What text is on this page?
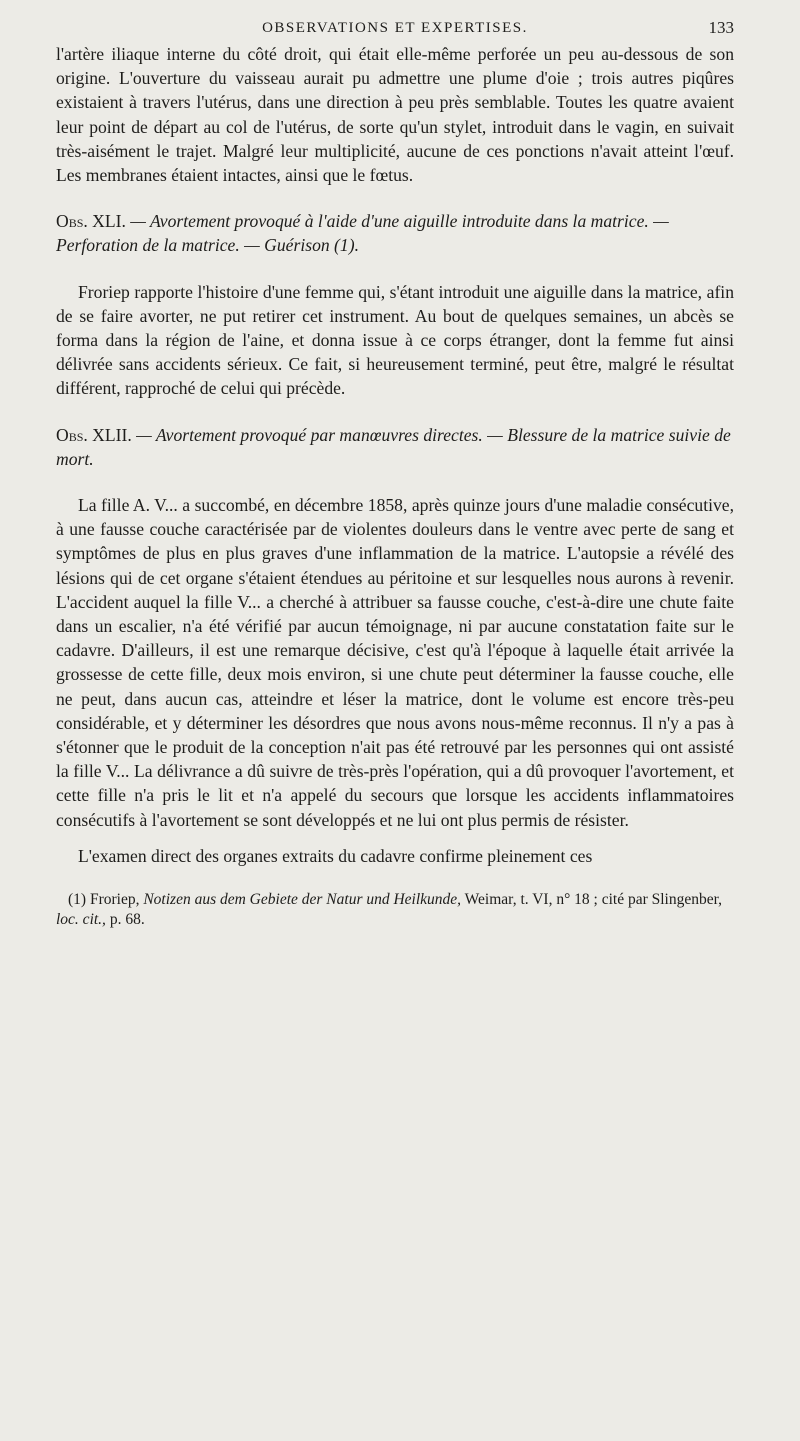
OBSERVATIONS ET EXPERTISES.	133

l'artère iliaque interne du côté droit, qui était elle-même perforée un peu au-dessous de son origine. L'ouverture du vaisseau aurait pu admettre une plume d'oie ; trois autres piqûres existaient à travers l'utérus, dans une direction à peu près semblable. Toutes les quatre avaient leur point de départ au col de l'utérus, de sorte qu'un stylet, introduit dans le vagin, en suivait très-aisément le trajet. Malgré leur multiplicité, aucune de ces ponctions n'avait atteint l'œuf. Les membranes étaient intactes, ainsi que le fœtus.

Obs. XLI. — Avortement provoqué à l'aide d'une aiguille introduite dans la matrice. — Perforation de la matrice. — Guérison (1).

Froriep rapporte l'histoire d'une femme qui, s'étant introduit une aiguille dans la matrice, afin de se faire avorter, ne put retirer cet instrument. Au bout de quelques semaines, un abcès se forma dans la région de l'aine, et donna issue à ce corps étranger, dont la femme fut ainsi délivrée sans accidents sérieux. Ce fait, si heureusement terminé, peut être, malgré le résultat différent, rapproché de celui qui précède.

Obs. XLII. — Avortement provoqué par manœuvres directes. — Blessure de la matrice suivie de mort.

La fille A. V... a succombé, en décembre 1858, après quinze jours d'une maladie consécutive, à une fausse couche caractérisée par de violentes douleurs dans le ventre avec perte de sang et symptômes de plus en plus graves d'une inflammation de la matrice. L'autopsie a révélé des lésions qui de cet organe s'étaient étendues au péritoine et sur lesquelles nous aurons à revenir. L'accident auquel la fille V... a cherché à attribuer sa fausse couche, c'est-à-dire une chute faite dans un escalier, n'a été vérifié par aucun témoignage, ni par aucune constatation faite sur le cadavre. D'ailleurs, il est une remarque décisive, c'est qu'à l'époque à laquelle était arrivée la grossesse de cette fille, deux mois environ, si une chute peut déterminer la fausse couche, elle ne peut, dans aucun cas, atteindre et léser la matrice, dont le volume est encore très-peu considérable, et y déterminer les désordres que nous avons nous-même reconnus. Il n'y a pas à s'étonner que le produit de la conception n'ait pas été retrouvé par les personnes qui ont assisté la fille V... La délivrance a dû suivre de très-près l'opération, qui a dû provoquer l'avortement, et cette fille n'a pris le lit et n'a appelé du secours que lorsque les accidents inflammatoires consécutifs à l'avortement se sont développés et ne lui ont plus permis de résister.

L'examen direct des organes extraits du cadavre confirme pleinement ces

(1) Froriep, Notizen aus dem Gebiete der Natur und Heilkunde, Weimar, t. VI, n° 18 ; cité par Slingenber, loc. cit., p. 68.
